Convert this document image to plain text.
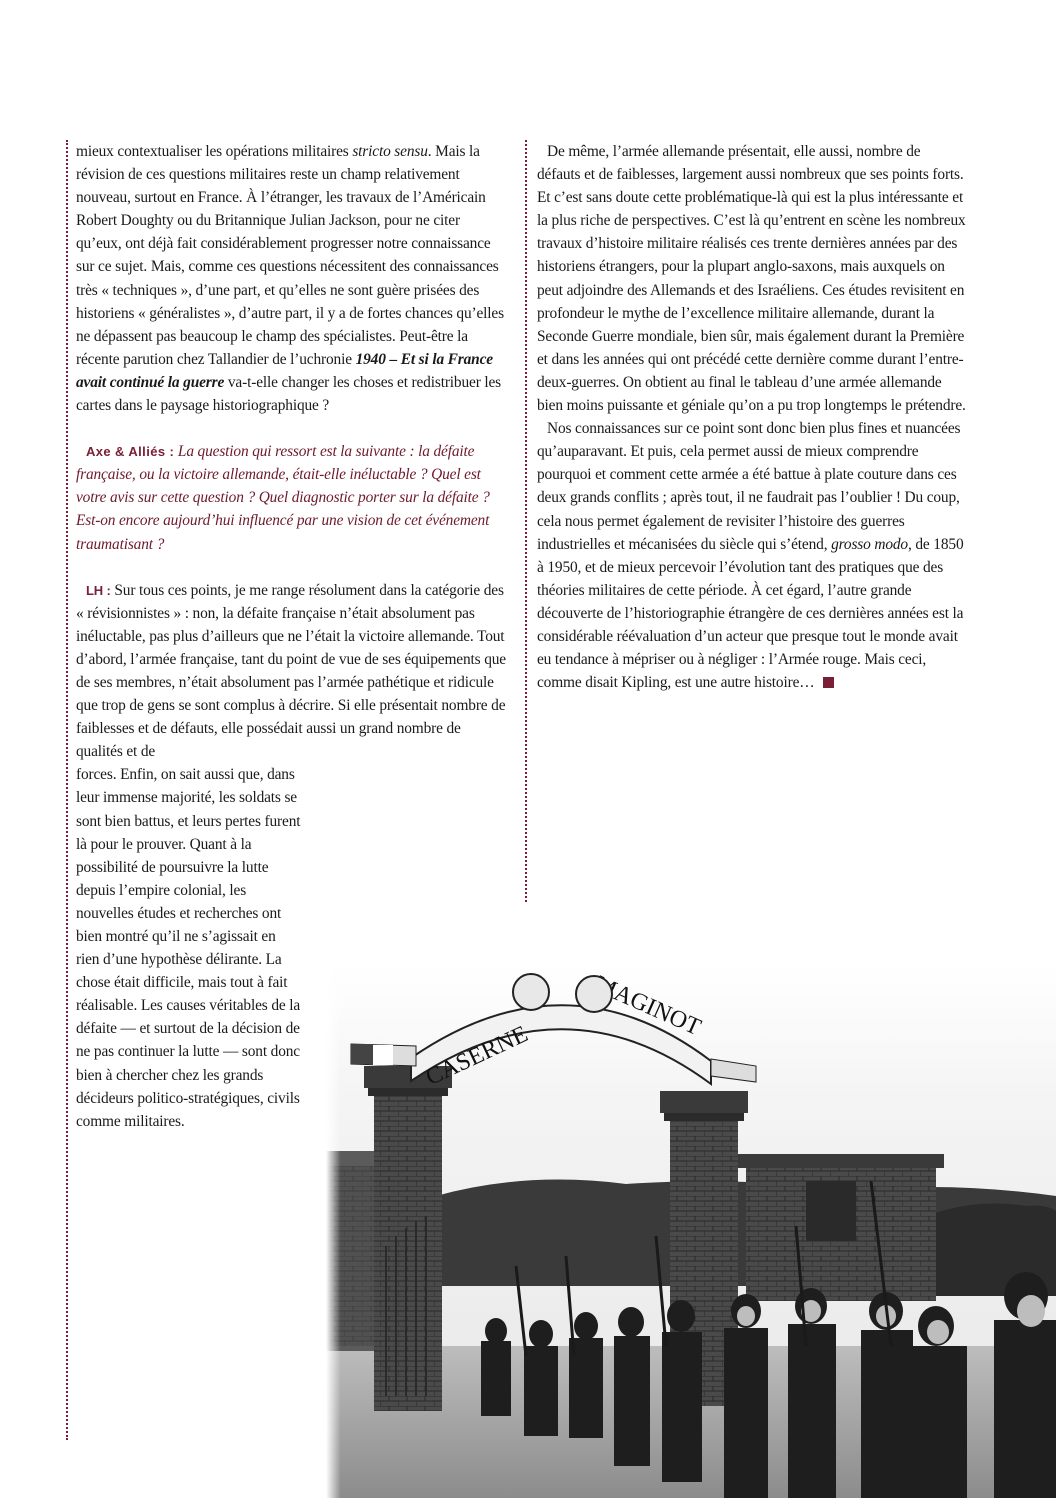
mieux contextualiser les opérations militaires stricto sensu. Mais la révision de ces questions militaires reste un champ relativement nouveau, surtout en France. À l’étranger, les travaux de l’Américain Robert Doughty ou du Britannique Julian Jackson, pour ne citer qu’eux, ont déjà fait considérablement progresser notre connaissance sur ce sujet. Mais, comme ces questions nécessitent des connaissances très « techniques », d’une part, et qu’elles ne sont guère prisées des historiens « généralistes », d’autre part, il y a de fortes chances qu’elles ne dépassent pas beaucoup le champ des spécialistes. Peut-être la récente parution chez Tallandier de l’uchronie 1940 – Et si la France avait continué la guerre va-t-elle changer les choses et redistribuer les cartes dans le paysage historiographique ?

Axe & Alliés : La question qui ressort est la suivante : la défaite française, ou la victoire allemande, était-elle inéluctable ? Quel est votre avis sur cette question ? Quel diagnostic porter sur la défaite ? Est-on encore aujourd’hui influencé par une vision de cet événement traumatisant ?

LH : Sur tous ces points, je me range résolument dans la catégorie des « révisionnistes » : non, la défaite française n’était absolument pas inéluctable, pas plus d’ailleurs que ne l’était la victoire allemande. Tout d’abord, l’armée française, tant du point de vue de ses équipements que de ses membres, n’était absolument pas l’armée pathétique et ridicule que trop de gens se sont complus à décrire. Si elle présentait nombre de faiblesses et de défauts, elle possédait aussi un grand nombre de qualités et de

forces. Enfin, on sait aussi que, dans leur immense majorité, les soldats se sont bien battus, et leurs pertes furent là pour le prouver. Quant à la possibilité de poursuivre la lutte depuis l’empire colonial, les nouvelles études et recherches ont bien montré qu’il ne s’agissait en rien d’une hypothèse délirante. La chose était difficile, mais tout à fait réalisable. Les causes véritables de la défaite — et surtout de la décision de ne pas continuer la lutte — sont donc bien à chercher chez les grands décideurs politico-stratégiques, civils comme militaires.

De même, l’armée allemande présentait, elle aussi, nombre de défauts et de faiblesses, largement aussi nombreux que ses points forts. Et c’est sans doute cette problématique-là qui est la plus intéressante et la plus riche de perspectives. C’est là qu’entrent en scène les nombreux travaux d’histoire militaire réalisés ces trente dernières années par des historiens étrangers, pour la plupart anglo-saxons, mais auxquels on peut adjoindre des Allemands et des Israéliens. Ces études revisitent en profondeur le mythe de l’excellence militaire allemande, durant la Seconde Guerre mondiale, bien sûr, mais également durant la Première et dans les années qui ont précédé cette dernière comme durant l’entre-deux-guerres. On obtient au final le tableau d’une armée allemande bien moins puissante et géniale qu’on a pu trop longtemps le prétendre.

Nos connaissances sur ce point sont donc bien plus fines et nuancées qu’auparavant. Et puis, cela permet aussi de mieux comprendre pourquoi et comment cette armée a été battue à plate couture dans ces deux grands conflits ; après tout, il ne faudrait pas l’oublier ! Du coup, cela nous permet également de revisiter l’histoire des guerres industrielles et mécanisées du siècle qui s’étend, grosso modo, de 1850 à 1950, et de mieux percevoir l’évolution tant des pratiques que des théories militaires de cette période. À cet égard, l’autre grande découverte de l’historiographie étrangère de ces dernières années est la considérable réévaluation d’un acteur que presque tout le monde avait eu tendance à mépriser ou à négliger : l’Armée rouge. Mais ceci, comme disait Kipling, est une autre histoire…
